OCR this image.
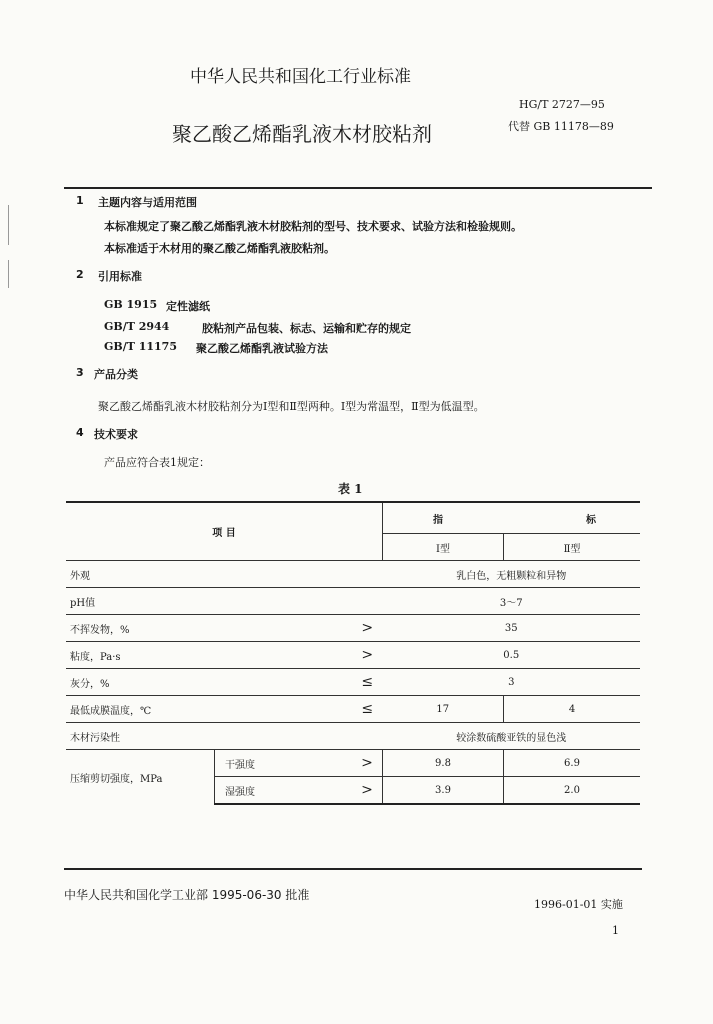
中华人民共和国化工行业标准
HG/T 2727—95
代替 GB 11178—89
聚乙酸乙烯酯乳液木材胶粘剂
1 主题内容与适用范围
本标准规定了聚乙酸乙烯酯乳液木材胶粘剂的型号、技术要求、试验方法和检验规则。
本标准适于木材用的聚乙酸乙烯酯乳液胶粘剂。
2 引用标准
GB 1915 定性滤纸
GB/T 2944	胶粘剂产品包装、标志、运输和贮存的规定
GB/T 11175 聚乙酸乙烯酯乳液试验方法
3 产品分类
聚乙酸乙烯酯乳液木材胶粘剂分为Ⅰ型和Ⅱ型两种。Ⅰ型为常温型，Ⅱ型为低温型。
4 技术要求
产品应符合表1规定：
表 1
项 目			指 标	

			Ⅰ型	Ⅱ型
外观			乳白色，无粗颗粒和异物	
pH值			3～7	
不挥发物，%		>	35	
粘度，Pa·s		>	0.5	
灰分，%		≤	3	
最低成膜温度，℃		≤	17	4
木材污染性			较涂数硫酸亚铁的显色浅	
压缩剪切强度，MPa	干强度	>	9.8	6.9
	湿强度	>	3.9	2.0
中华人民共和国化学工业部 1995-06-30 批准
1996-01-01 实施
1
